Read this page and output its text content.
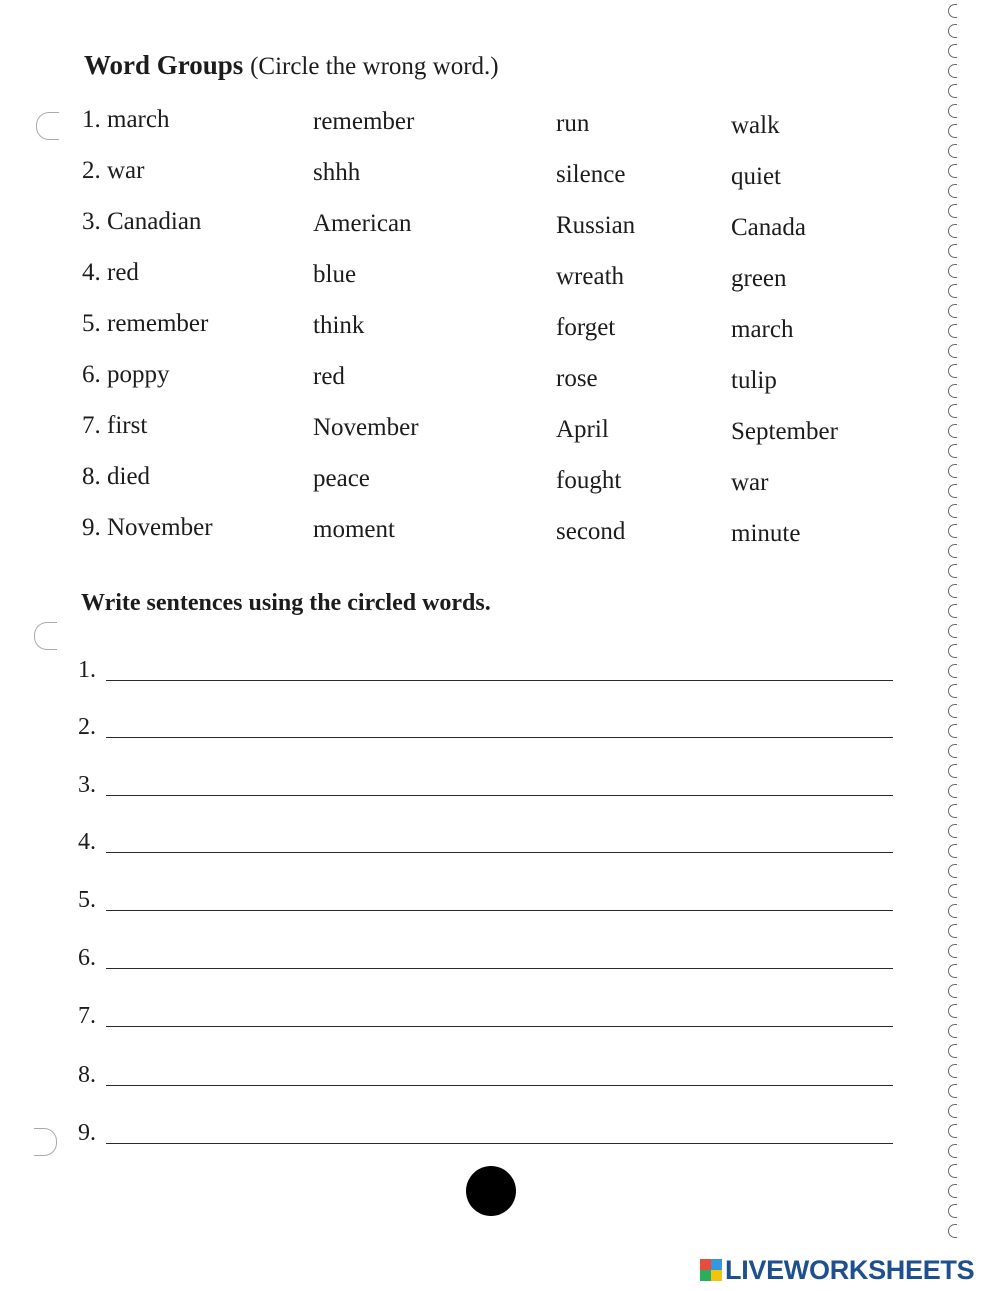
Word Groups (Circle the wrong word.)
1. march	remember	run	walk
2. war	shhh	silence	quiet
3. Canadian	American	Russian	Canada
4. red	blue	wreath	green
5. remember	think	forget	march
6. poppy	red	rose	tulip
7. first	November	April	September
8. died	peace	fought	war
9. November	moment	second	minute
Write sentences using the circled words.
1.
2.
3.
4.
5.
6.
7.
8.
9.
LIVEWORKSHEETS
